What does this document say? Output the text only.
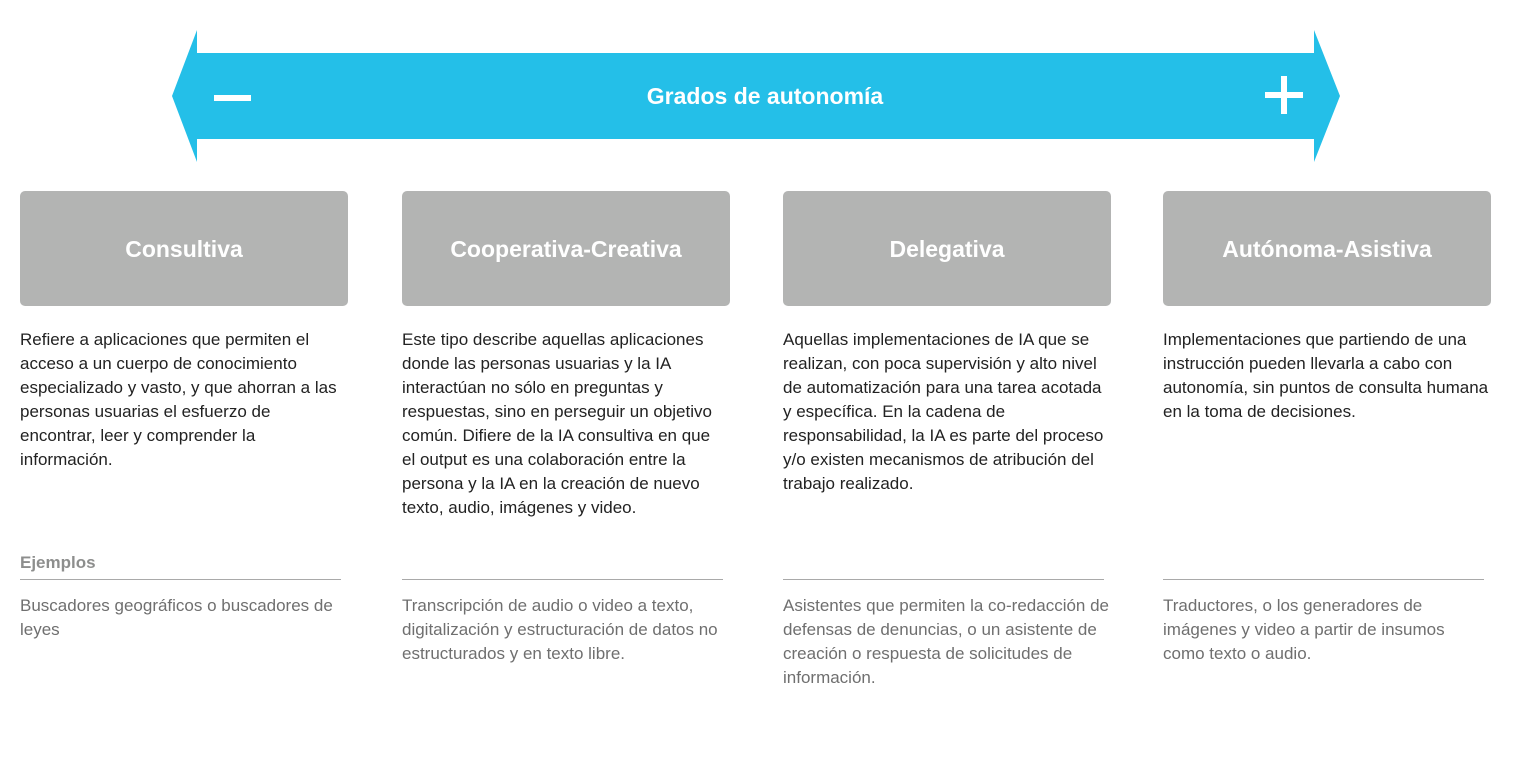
Grados de autonomía
Consultiva
Refiere a aplicaciones que permiten el acceso a un cuerpo de conocimiento especializado y vasto, y que ahorran a las personas usuarias el esfuerzo de encontrar, leer y comprender la información.
Ejemplos
Buscadores geográficos o buscadores de leyes
Cooperativa-Creativa
Este tipo describe aquellas aplicaciones donde las personas usuarias y la IA interactúan no sólo en preguntas y respuestas, sino en perseguir un objetivo común. Difiere de la IA consultiva en que el output es una colaboración entre la persona y la IA en la creación de nuevo texto, audio, imágenes y video.
Transcripción de audio o video a texto, digitalización y estructuración de datos no estructurados y en texto libre.
Delegativa
Aquellas implementaciones de IA que se realizan, con poca supervisión y alto nivel de automatización para una tarea acotada y específica. En la cadena de responsabilidad, la IA es parte del proceso y/o existen mecanismos de atribución del trabajo realizado.
Asistentes que permiten la co-redacción de defensas de denuncias, o un asistente de creación o respuesta de solicitudes de información.
Autónoma-Asistiva
Implementaciones que partiendo de una instrucción pueden llevarla a cabo con autonomía, sin puntos de consulta humana en la toma de decisiones.
Traductores, o los generadores de imágenes y video a partir de insumos como texto o audio.
